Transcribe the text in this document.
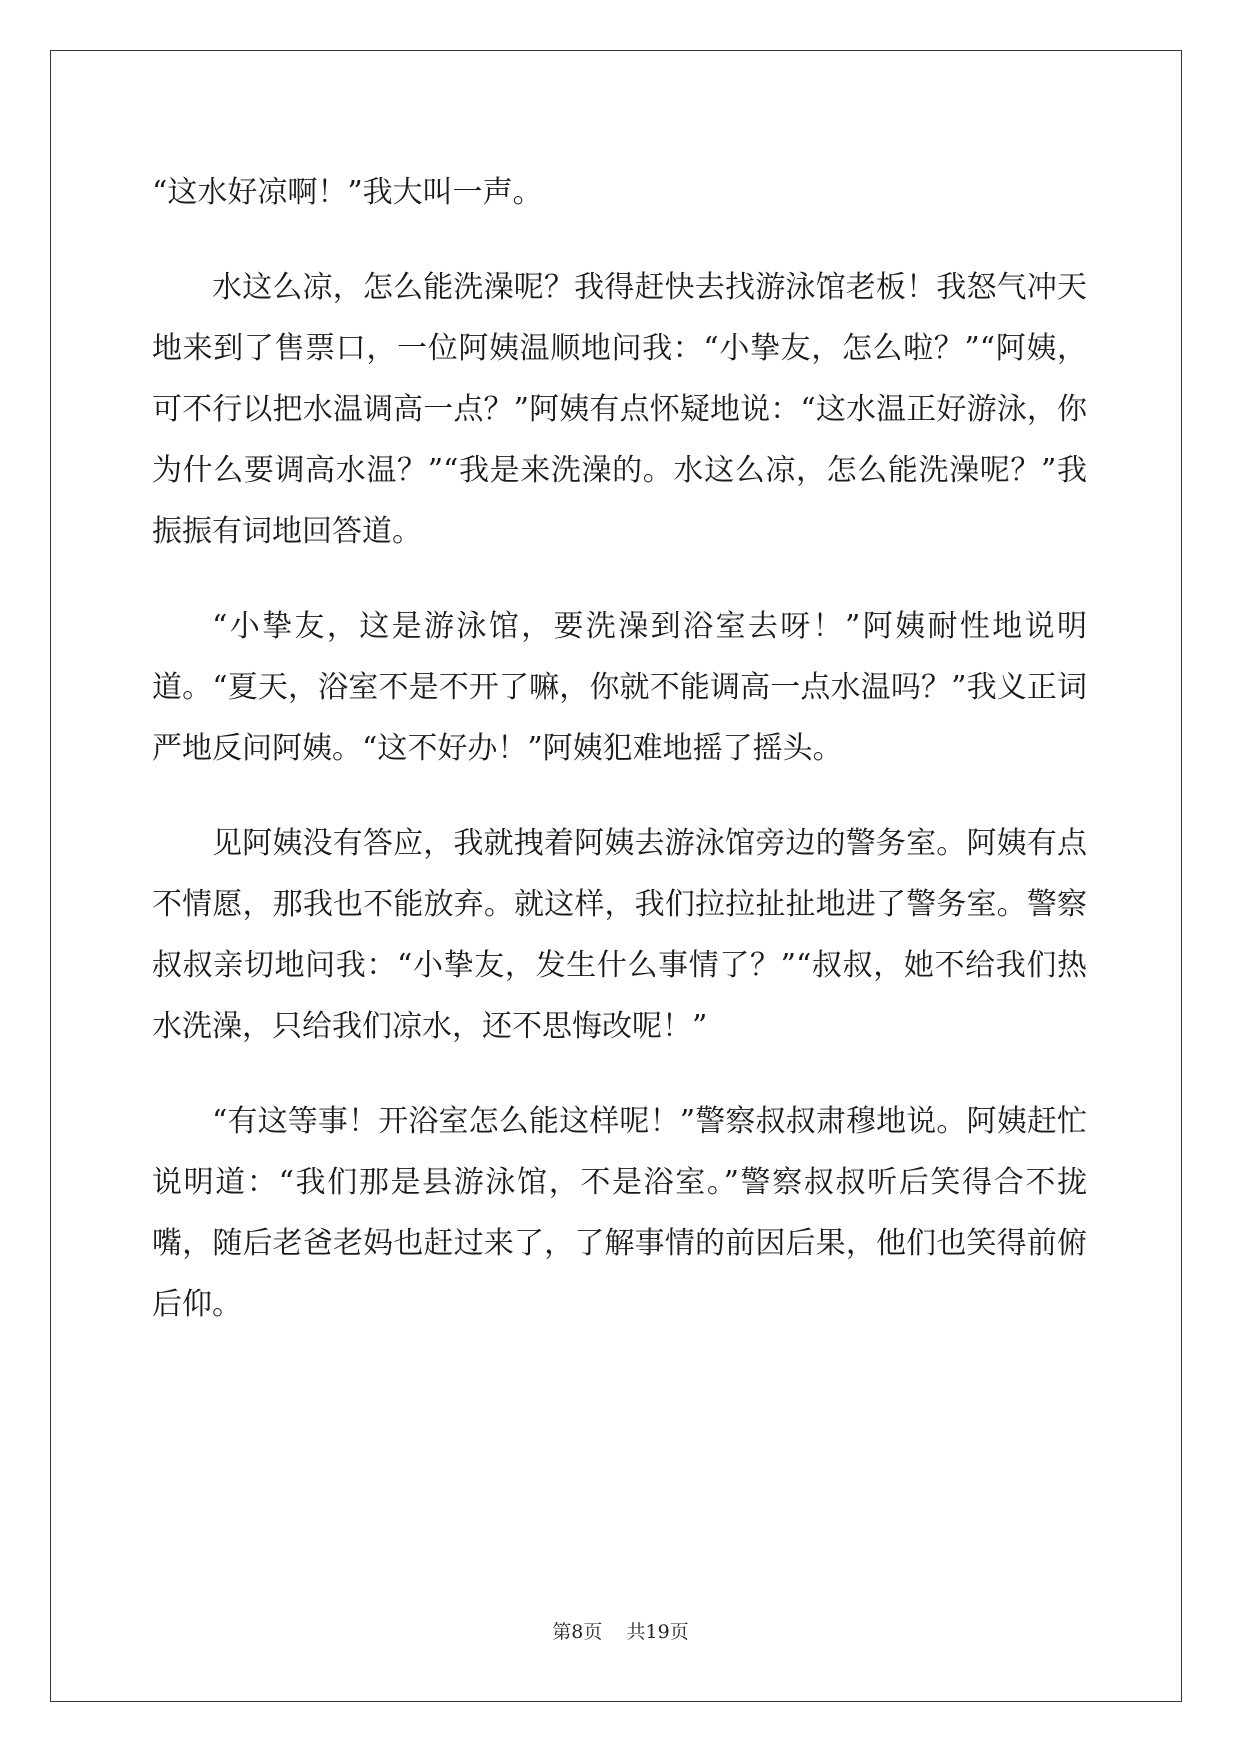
“这水好凉啊！”我大叫一声。

水这么凉，怎么能洗澡呢？我得赶快去找游泳馆老板！我怒气冲天地来到了售票口，一位阿姨温顺地问我：“小挚友，怎么啦？”“阿姨，可不行以把水温调高一点？”阿姨有点怀疑地说：“这水温正好游泳，你为什么要调高水温？”“我是来洗澡的。水这么凉，怎么能洗澡呢？”我振振有词地回答道。

“小挚友，这是游泳馆，要洗澡到浴室去呀！”阿姨耐性地说明道。“夏天，浴室不是不开了嘛，你就不能调高一点水温吗？”我义正词严地反问阿姨。“这不好办！”阿姨犯难地摇了摇头。

见阿姨没有答应，我就拽着阿姨去游泳馆旁边的警务室。阿姨有点不情愿，那我也不能放弃。就这样，我们拉拉扯扯地进了警务室。警察叔叔亲切地问我：“小挚友，发生什么事情了？”“叔叔，她不给我们热水洗澡，只给我们凉水，还不思悔改呢！”

“有这等事！开浴室怎么能这样呢！”警察叔叔肃穆地说。阿姨赶忙说明道：“我们那是县游泳馆，不是浴室。”警察叔叔听后笑得合不拢嘴，随后老爸老妈也赶过来了，了解事情的前因后果，他们也笑得前俯后仰。

第8页    共19页
